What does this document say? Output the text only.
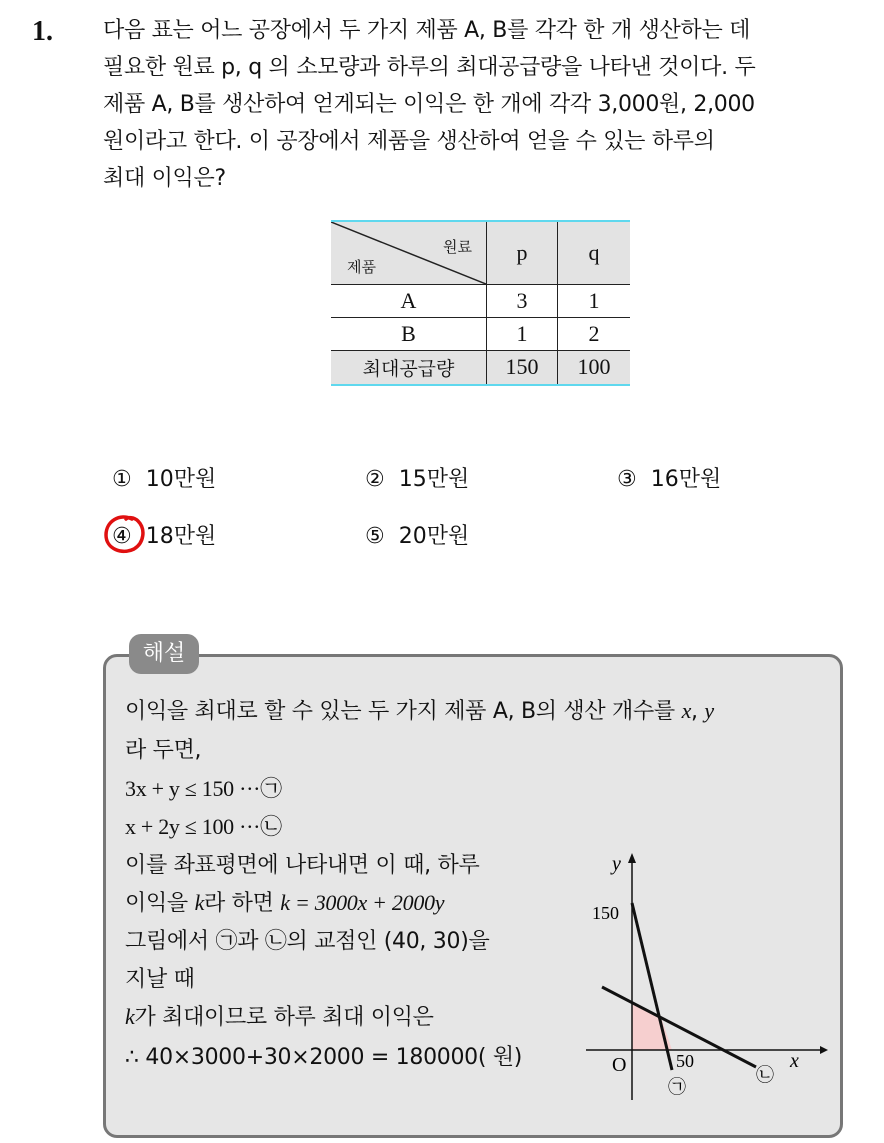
1. 다음 표는 어느 공장에서 두 가지 제품 A, B를 각각 한 개 생산하는 데
필요한 원료 p, q 의 소모량과 하루의 최대공급량을 나타낸 것이다. 두
제품 A, B를 생산하여 얻게되는 이익은 한 개에 각각 3,000원, 2,000
원이라고 한다. 이 공장에서 제품을 생산하여 얻을 수 있는 하루의
최대 이익은?
원료
제품	p	q
A	3	1
B	1	2
최대공급량	150	100
① 10만원	② 15만원	③ 16만원
④ 18만원	⑤ 20만원
해설
이익을 최대로 할 수 있는 두 가지 제품 A, B의 생산 개수를 x, y
라 두면,
3x + y ≤ 150 ···㉠
x + 2y ≤ 100 ···㉡
이를 좌표평면에 나타내면 이 때, 하루
이익을 k라 하면 k = 3000x + 2000y
그림에서 ㉠과 ㉡의 교점인 (40, 30)을
지날 때
k가 최대이므로 하루 최대 이익은
∴ 40×3000+30×2000 = 180000( 원)
y
x
O
150
50
㉠
㉡
